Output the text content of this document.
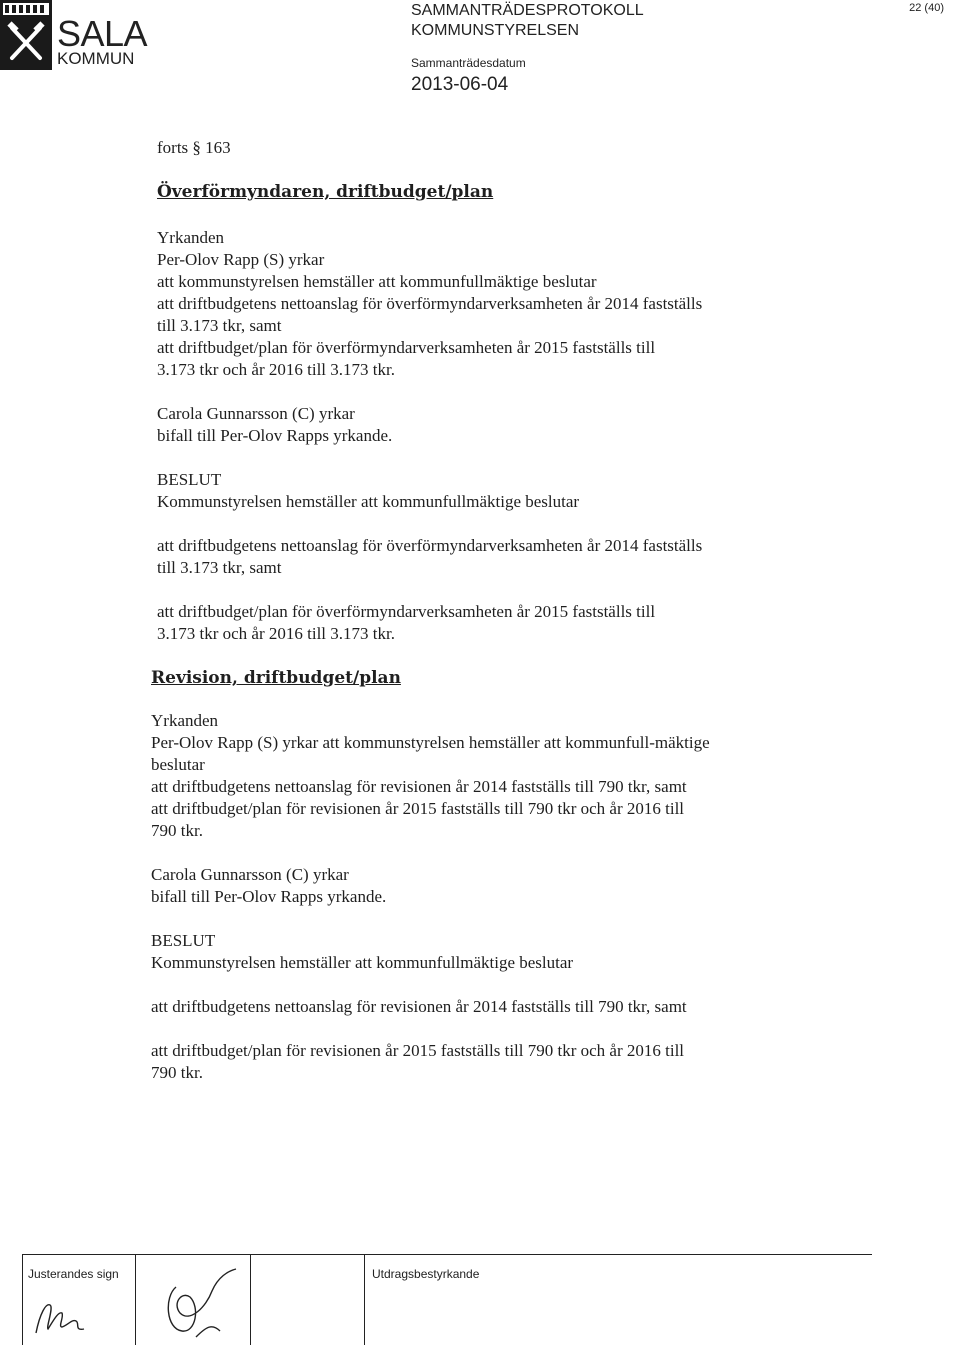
SALA
KOMMUN
SAMMANTRÄDESPROTOKOLL
KOMMUNSTYRELSEN
Sammanträdesdatum
2013-06-04
22 (40)
forts § 163
Överförmyndaren, driftbudget/plan
Yrkanden
Per-Olov Rapp (S) yrkar
att kommunstyrelsen hemställer att kommunfullmäktige beslutar
att driftbudgetens nettoanslag för överförmyndarverksamheten år 2014 fastställs
till 3.173 tkr, samt
att driftbudget/plan för överförmyndarverksamheten år 2015 fastställs till
3.173 tkr och år 2016 till 3.173 tkr.
Carola Gunnarsson (C) yrkar
bifall till Per-Olov Rapps yrkande.
BESLUT
Kommunstyrelsen hemställer att kommunfullmäktige beslutar
att driftbudgetens nettoanslag för överförmyndarverksamheten år 2014 fastställs
till 3.173 tkr, samt
att driftbudget/plan för överförmyndarverksamheten år 2015 fastställs till
3.173 tkr och år 2016 till 3.173 tkr.
Revision, driftbudget/plan
Yrkanden
Per-Olov Rapp (S) yrkar att kommunstyrelsen hemställer att kommunfull-mäktige
beslutar
att driftbudgetens nettoanslag för revisionen år 2014 fastställs till 790 tkr, samt
att driftbudget/plan för revisionen år 2015 fastställs till 790 tkr och år 2016 till
790 tkr.
Carola Gunnarsson (C) yrkar
bifall till Per-Olov Rapps yrkande.
BESLUT
Kommunstyrelsen hemställer att kommunfullmäktige beslutar
att driftbudgetens nettoanslag för revisionen år 2014 fastställs till 790 tkr, samt
att driftbudget/plan för revisionen år 2015 fastställs till 790 tkr och år 2016 till
790 tkr.
Justerandes sign	Utdragsbestyrkande
